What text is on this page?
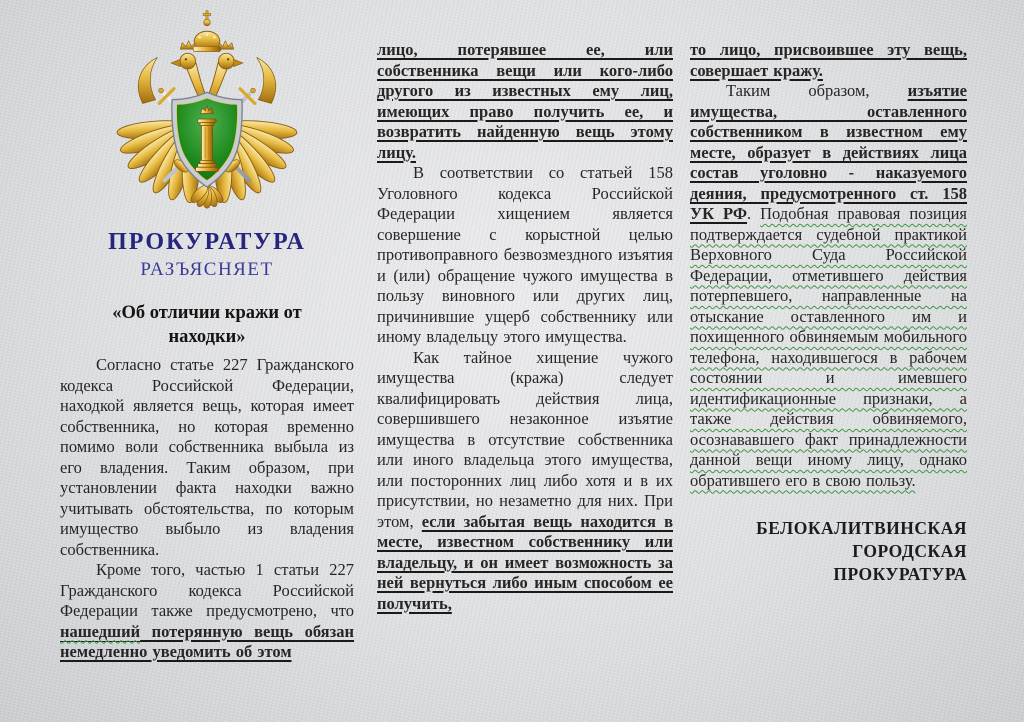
ПРОКУРАТУРА
РАЗЪЯСНЯЕТ
«Об отличии кражи от находки»

Согласно статье 227 Гражданского кодекса Российской Федерации, находкой является вещь, которая имеет собственника, но которая временно помимо воли собственника выбыла из его владения. Таким образом, при установлении факта находки важно учитывать обстоятельства, по которым имущество выбыло из владения собственника.

Кроме того, частью 1 статьи 227 Гражданского кодекса Российской Федерации также предусмотрено, что нашедший потерянную вещь обязан немедленно уведомить об этом

лицо, потерявшее ее, или собственника вещи или кого-либо другого из известных ему лиц, имеющих право получить ее, и возвратить найденную вещь этому лицу.

В соответствии со статьей 158 Уголовного кодекса Российской Федерации хищением является совершение с корыстной целью противоправного безвозмездного изъятия и (или) обращение чужого имущества в пользу виновного или других лиц, причинившие ущерб собственнику или иному владельцу этого имущества.

Как тайное хищение чужого имущества (кража) следует квалифицировать действия лица, совершившего незаконное изъятие имущества в отсутствие собственника или иного владельца этого имущества, или посторонних лиц либо хотя и в их присутствии, но незаметно для них. При этом, если забытая вещь находится в месте, известном собственнику или владельцу, и он имеет возможность за ней вернуться либо иным способом ее получить,

то лицо, присвоившее эту вещь, совершает кражу.

Таким образом, изъятие имущества, оставленного собственником в известном ему месте, образует в действиях лица состав уголовно - наказуемого деяния, предусмотренного ст. 158 УК РФ. Подобная правовая позиция подтверждается судебной практикой Верховного Суда Российской Федерации, отметившего действия потерпевшего, направленные на отыскание оставленного им и похищенного обвиняемым мобильного телефона, находившегося в рабочем состоянии и имевшего идентификационные признаки, а также действия обвиняемого, осознававшего факт принадлежности данной вещи иному лицу, однако обратившего его в свою пользу.

БЕЛОКАЛИТВИНСКАЯ
ГОРОДСКАЯ
ПРОКУРАТУРА
